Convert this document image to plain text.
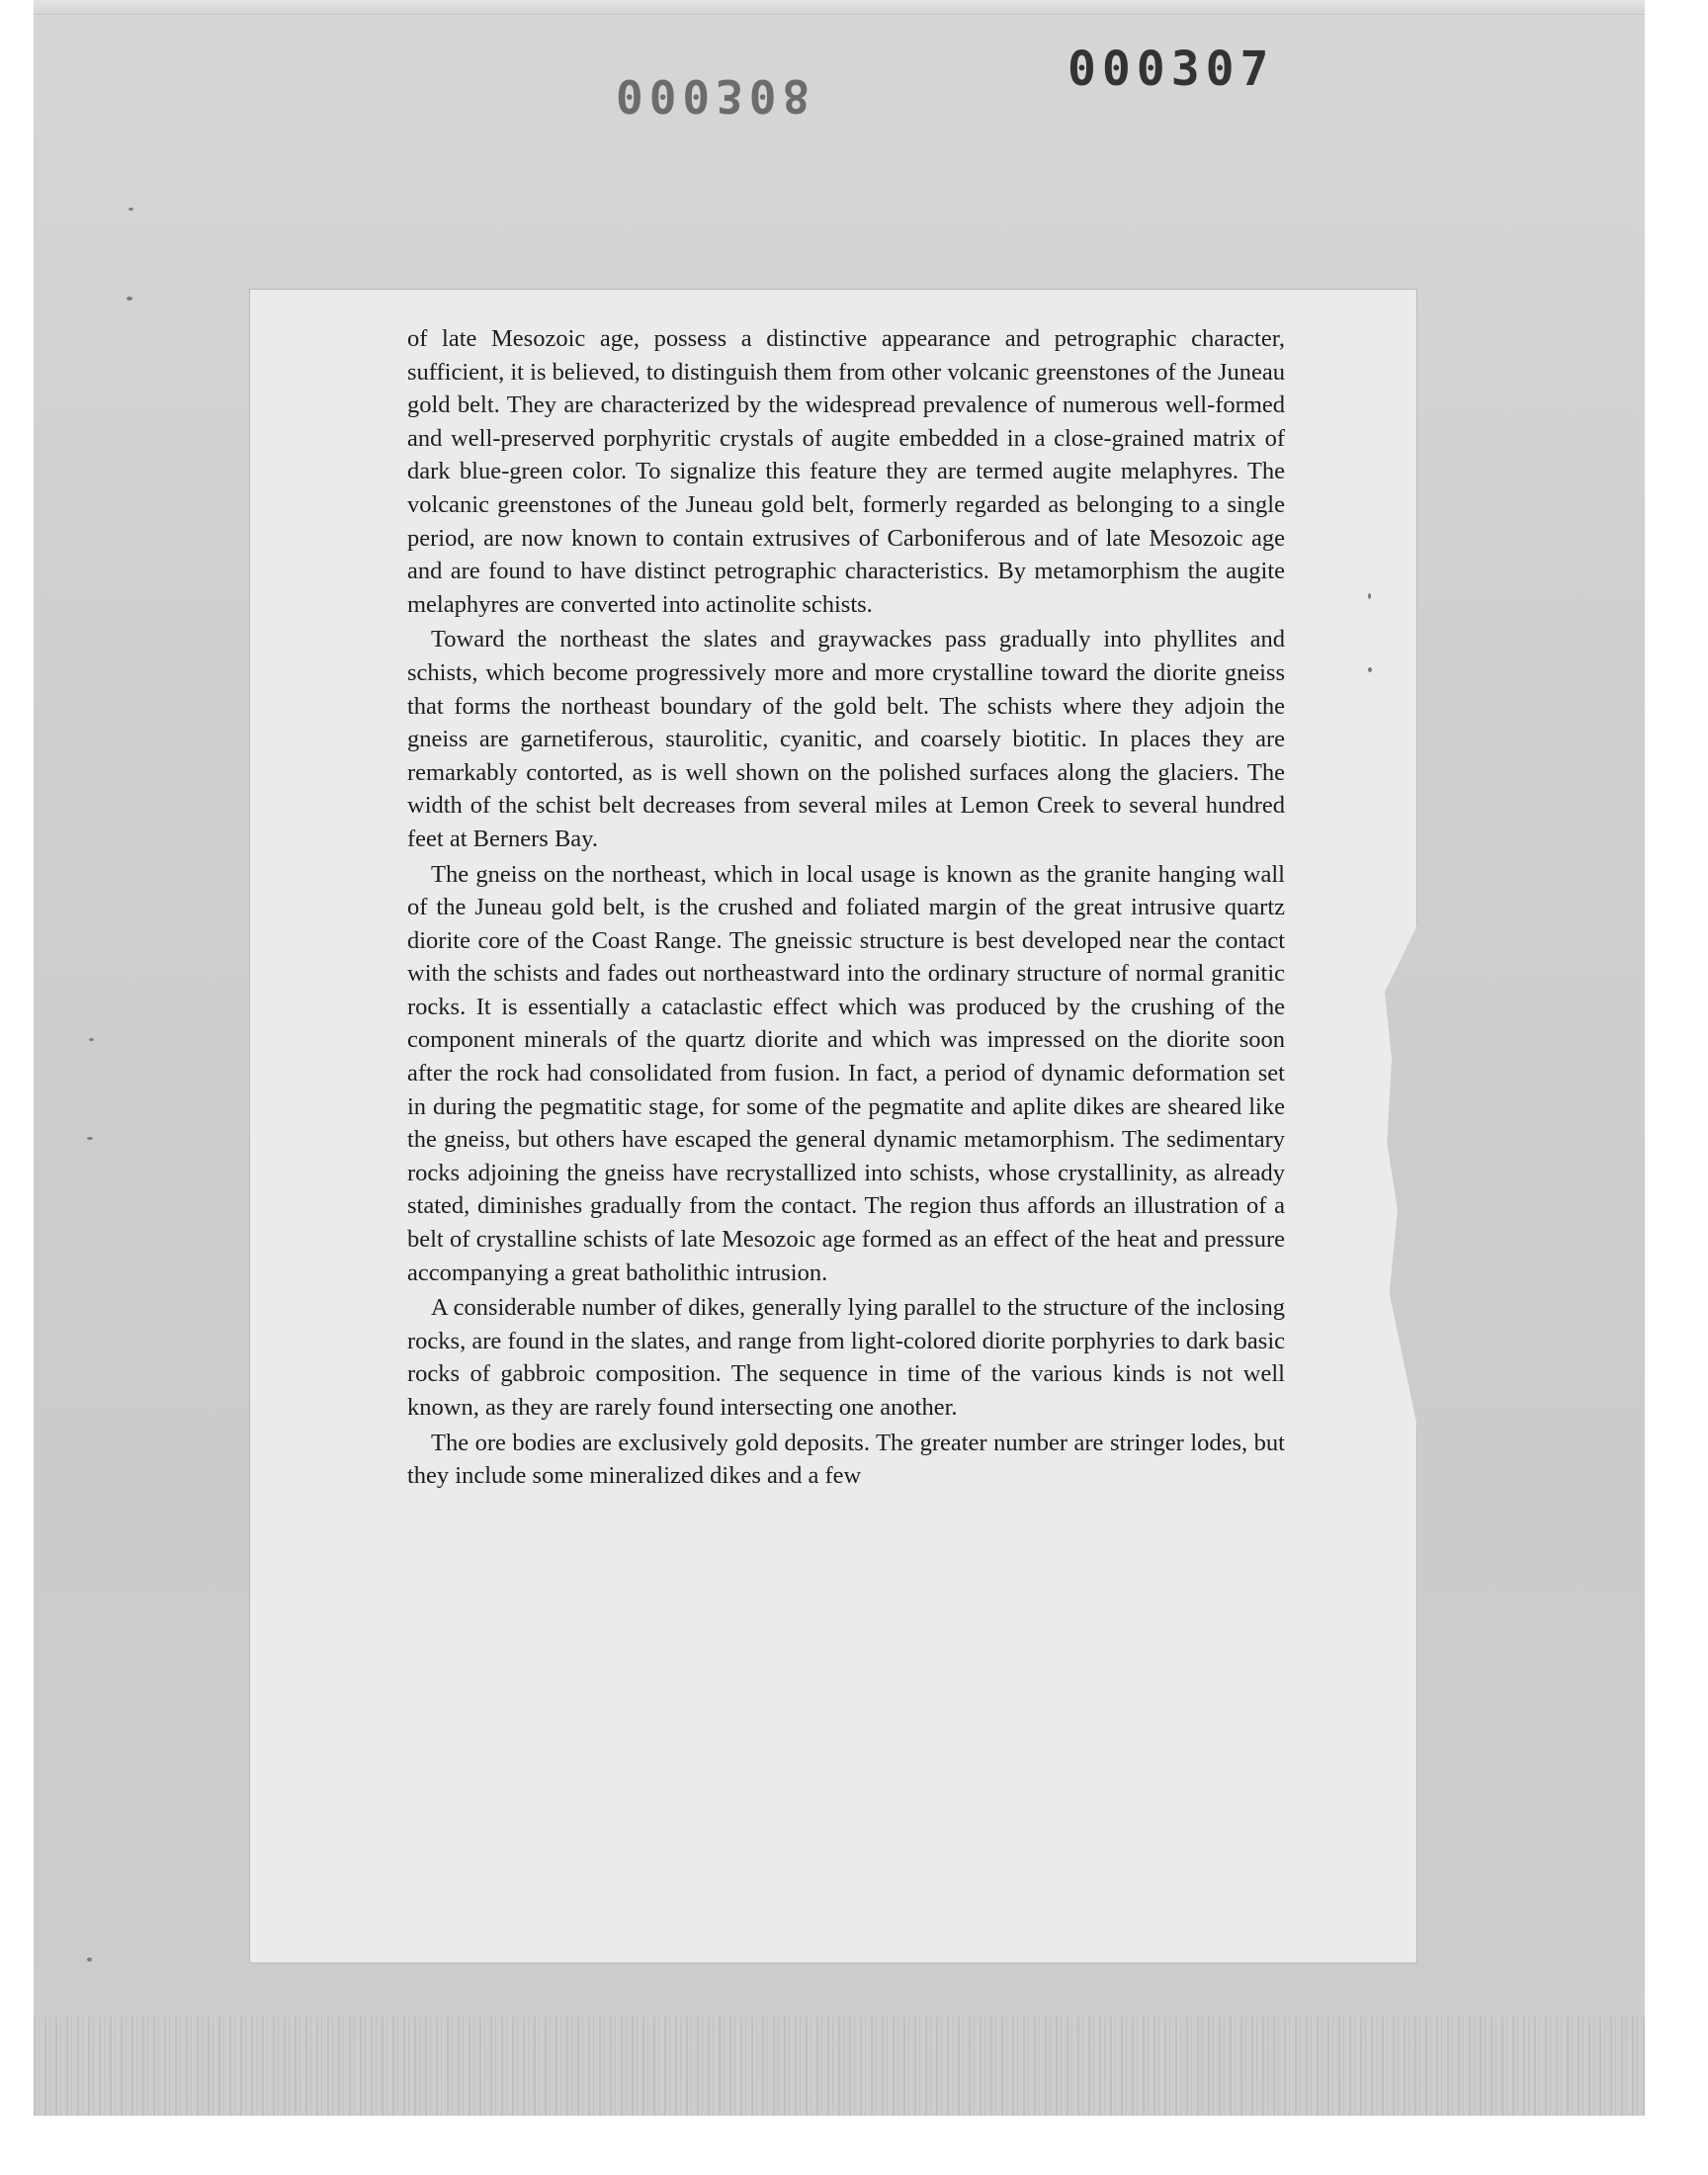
000308	000307

of late Mesozoic age, possess a distinctive appearance and petrographic character, sufficient, it is believed, to distinguish them from other volcanic greenstones of the Juneau gold belt. They are characterized by the widespread prevalence of numerous well-formed and well-preserved porphyritic crystals of augite embedded in a close-grained matrix of dark blue-green color. To signalize this feature they are termed augite melaphyres. The volcanic greenstones of the Juneau gold belt, formerly regarded as belonging to a single period, are now known to contain extrusives of Carboniferous and of late Mesozoic age and are found to have distinct petrographic characteristics. By metamorphism the augite melaphyres are converted into actinolite schists.

Toward the northeast the slates and graywackes pass gradually into phyllites and schists, which become progressively more and more crystalline toward the diorite gneiss that forms the northeast boundary of the gold belt. The schists where they adjoin the gneiss are garnetiferous, staurolitic, cyanitic, and coarsely biotitic. In places they are remarkably contorted, as is well shown on the polished surfaces along the glaciers. The width of the schist belt decreases from several miles at Lemon Creek to several hundred feet at Berners Bay.

The gneiss on the northeast, which in local usage is known as the granite hanging wall of the Juneau gold belt, is the crushed and foliated margin of the great intrusive quartz diorite core of the Coast Range. The gneissic structure is best developed near the contact with the schists and fades out northeastward into the ordinary structure of normal granitic rocks. It is essentially a cataclastic effect which was produced by the crushing of the component minerals of the quartz diorite and which was impressed on the diorite soon after the rock had consolidated from fusion. In fact, a period of dynamic deformation set in during the pegmatitic stage, for some of the pegmatite and aplite dikes are sheared like the gneiss, but others have escaped the general dynamic metamorphism. The sedimentary rocks adjoining the gneiss have recrystallized into schists, whose crystallinity, as already stated, diminishes gradually from the contact. The region thus affords an illustration of a belt of crystalline schists of late Mesozoic age formed as an effect of the heat and pressure accompanying a great batholithic intrusion.

A considerable number of dikes, generally lying parallel to the structure of the inclosing rocks, are found in the slates, and range from light-colored diorite porphyries to dark basic rocks of gabbroic composition. The sequence in time of the various kinds is not well known, as they are rarely found intersecting one another.

The ore bodies are exclusively gold deposits. The greater number are stringer lodes, but they include some mineralized dikes and a few
